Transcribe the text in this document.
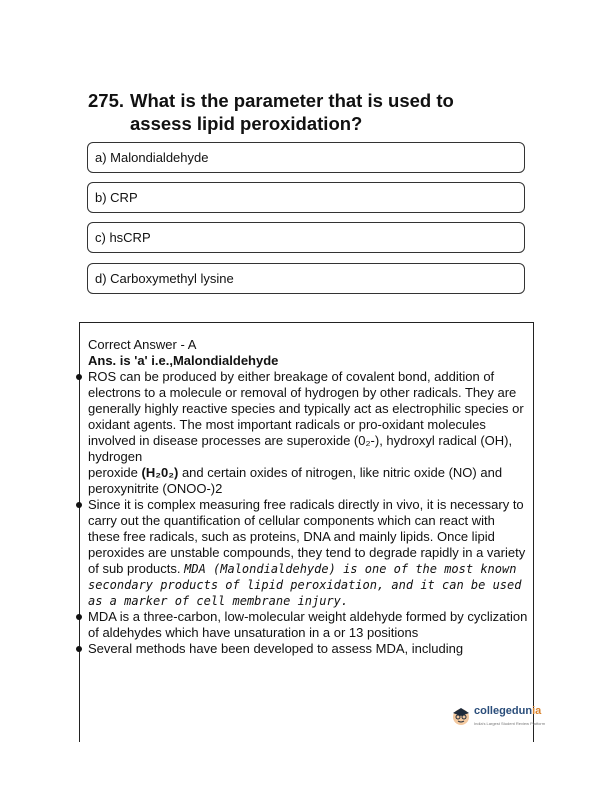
275. What is the parameter that is used to
assess lipid peroxidation?
a) Malondialdehyde
b) CRP
c) hsCRP
d) Carboxymethyl lysine

Correct Answer - A

Ans. is 'a' i.e.,Malondialdehyde

ROS can be produced by either breakage of covalent bond, addition of electrons to a molecule or removal of hydrogen by other radicals. They are generally highly reactive species and typically act as electrophilic species or oxidant agents. The most important radicals or pro-oxidant molecules involved in disease processes are superoxide (0₂-), hydroxyl radical (OH), hydrogen

peroxide (H₂0₂) and certain oxides of nitrogen, like nitric oxide (NO) and peroxynitrite (ONOO-)2

Since it is complex measuring free radicals directly in vivo, it is necessary to carry out the quantification of cellular components which can react with these free radicals, such as proteins, DNA and mainly lipids. Once lipid peroxides are unstable compounds, they tend to degrade rapidly in a variety of sub products. MDA (Malondialdehyde) is one of the most known secondary products of lipid peroxidation, and it can be used as a marker of cell membrane injury.

MDA is a three-carbon, low-molecular weight aldehyde formed by cyclization of aldehydes which have unsaturation in a or 13 positions

Several methods have been developed to assess MDA, including

collegedunia
India's Largest Student Review Platform
